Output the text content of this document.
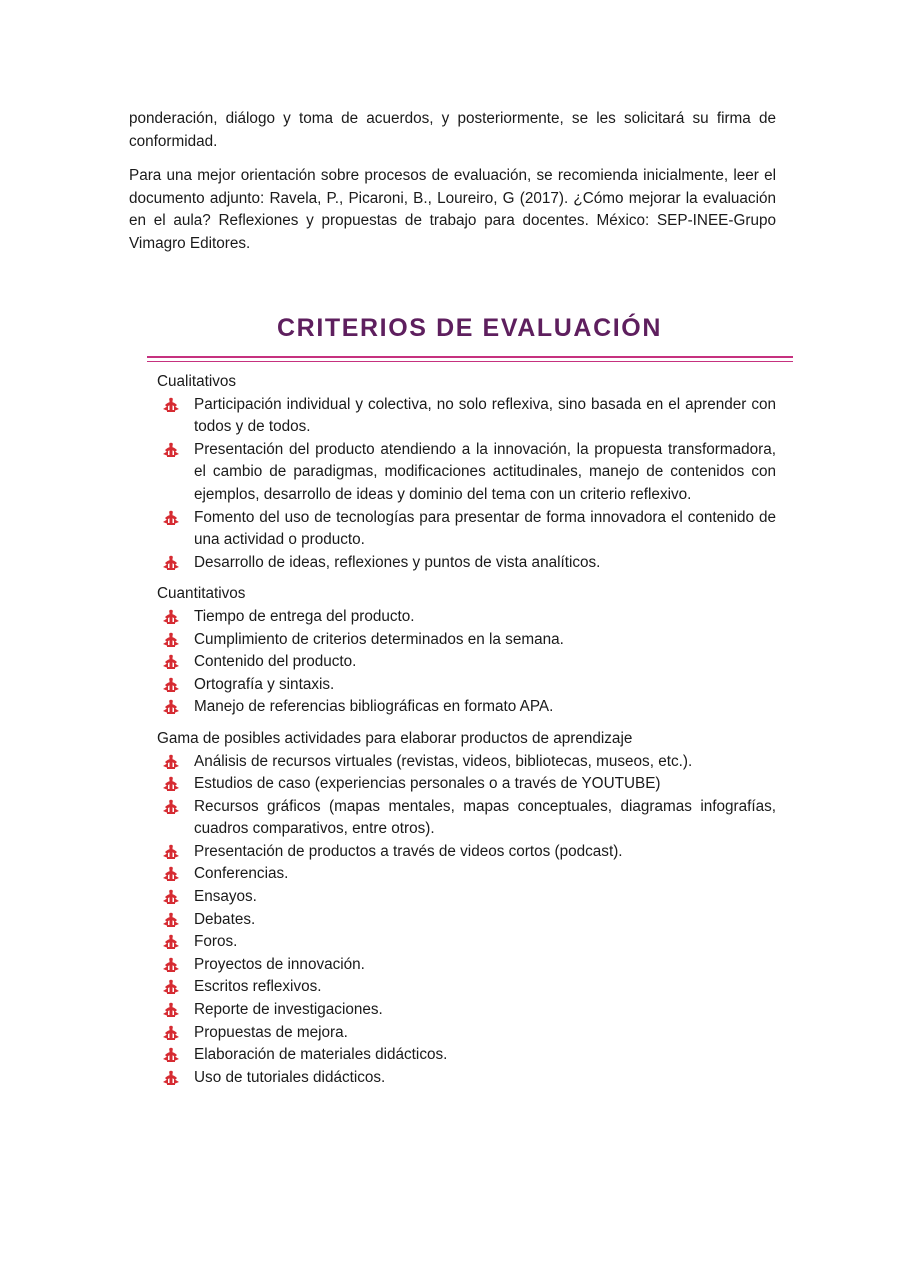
ponderación, diálogo y toma de acuerdos, y posteriormente, se les solicitará su firma de conformidad.

Para una mejor orientación sobre procesos de evaluación, se recomienda inicialmente, leer el documento adjunto: Ravela, P., Picaroni, B., Loureiro, G (2017). ¿Cómo mejorar la evaluación en el aula? Reflexiones y propuestas de trabajo para docentes. México: SEP-INEE-Grupo Vimagro Editores.

CRITERIOS DE EVALUACIÓN
Cualitativos
Participación individual y colectiva, no solo reflexiva, sino basada en el aprender con todos y de todos.
Presentación del producto atendiendo a la innovación, la propuesta transformadora, el cambio de paradigmas, modificaciones actitudinales, manejo de contenidos con ejemplos, desarrollo de ideas y dominio del tema con un criterio reflexivo.
Fomento del uso de tecnologías para presentar de forma innovadora el contenido de una actividad o producto.
Desarrollo de ideas, reflexiones y puntos de vista analíticos.
Cuantitativos
Tiempo de entrega del producto.
Cumplimiento de criterios determinados en la semana.
Contenido del producto.
Ortografía y sintaxis.
Manejo de referencias bibliográficas en formato APA.
Gama de posibles actividades para elaborar productos de aprendizaje
Análisis de recursos virtuales (revistas, videos, bibliotecas, museos, etc.).
Estudios de caso (experiencias personales o a través de YOUTUBE)
Recursos gráficos (mapas mentales, mapas conceptuales, diagramas infografías, cuadros comparativos, entre otros).
Presentación de productos a través de videos cortos (podcast).
Conferencias.
Ensayos.
Debates.
Foros.
Proyectos de innovación.
Escritos reflexivos.
Reporte de investigaciones.
Propuestas de mejora.
Elaboración de materiales didácticos.
Uso de tutoriales didácticos.
